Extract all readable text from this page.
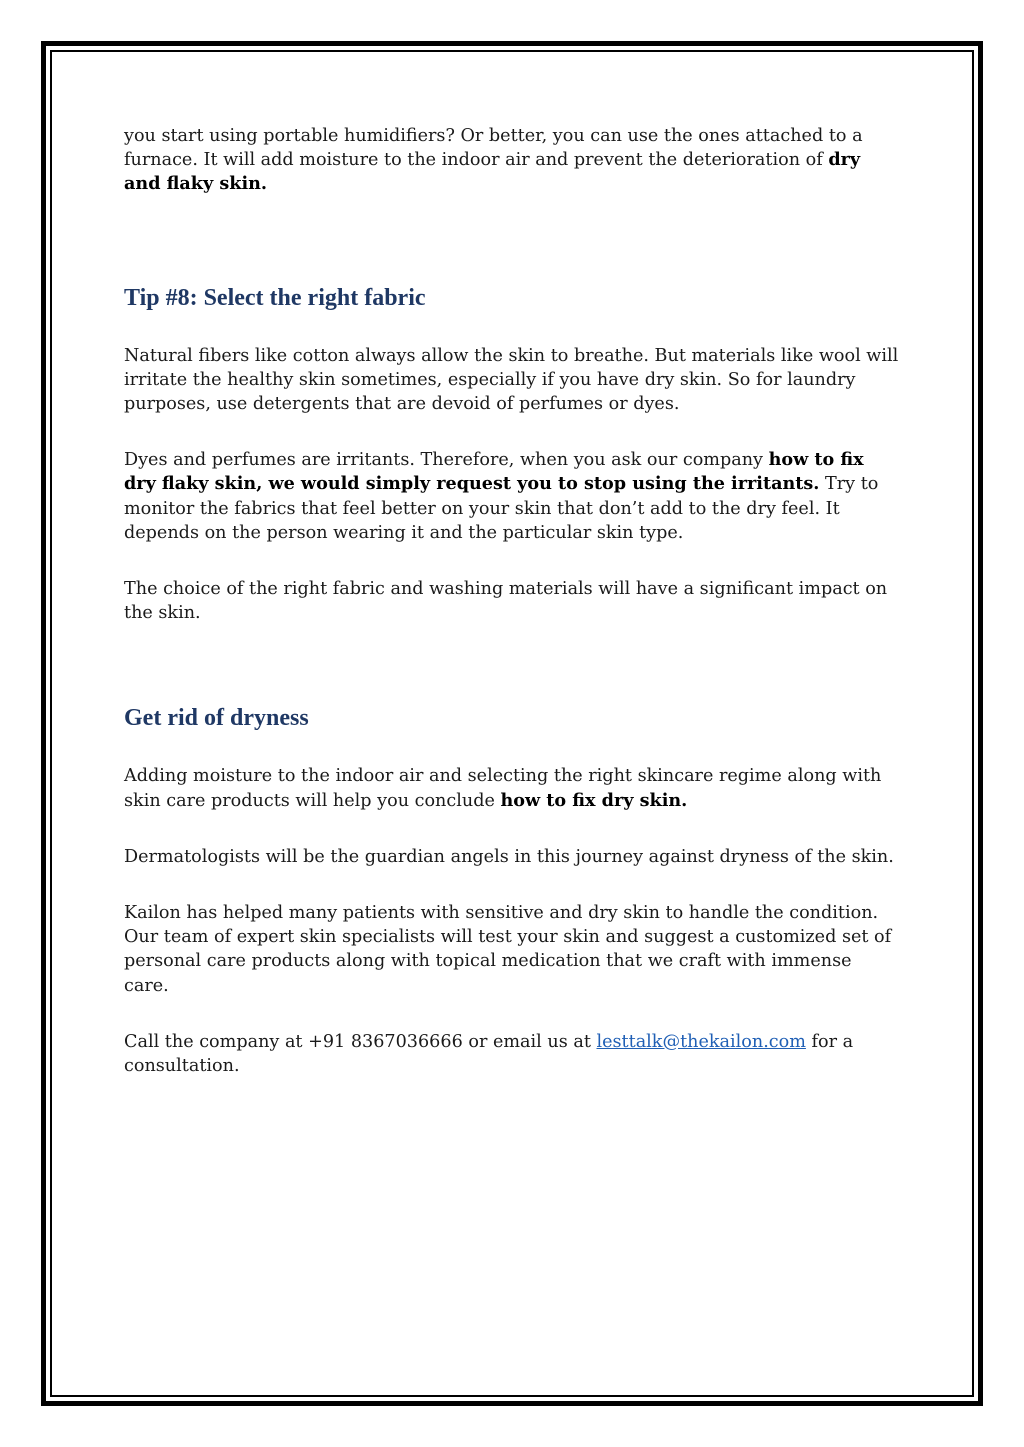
you start using portable humidifiers? Or better, you can use the ones attached to a furnace. It will add moisture to the indoor air and prevent the deterioration of dry and flaky skin.

Tip #8: Select the right fabric

Natural fibers like cotton always allow the skin to breathe. But materials like wool will irritate the healthy skin sometimes, especially if you have dry skin. So for laundry purposes, use detergents that are devoid of perfumes or dyes.

Dyes and perfumes are irritants. Therefore, when you ask our company how to fix dry flaky skin, we would simply request you to stop using the irritants. Try to monitor the fabrics that feel better on your skin that don’t add to the dry feel. It depends on the person wearing it and the particular skin type.

The choice of the right fabric and washing materials will have a significant impact on the skin.

Get rid of dryness

Adding moisture to the indoor air and selecting the right skincare regime along with skin care products will help you conclude how to fix dry skin.

Dermatologists will be the guardian angels in this journey against dryness of the skin.

Kailon has helped many patients with sensitive and dry skin to handle the condition. Our team of expert skin specialists will test your skin and suggest a customized set of personal care products along with topical medication that we craft with immense care.

Call the company at +91 8367036666 or email us at lesttalk@thekailon.com for a consultation.
